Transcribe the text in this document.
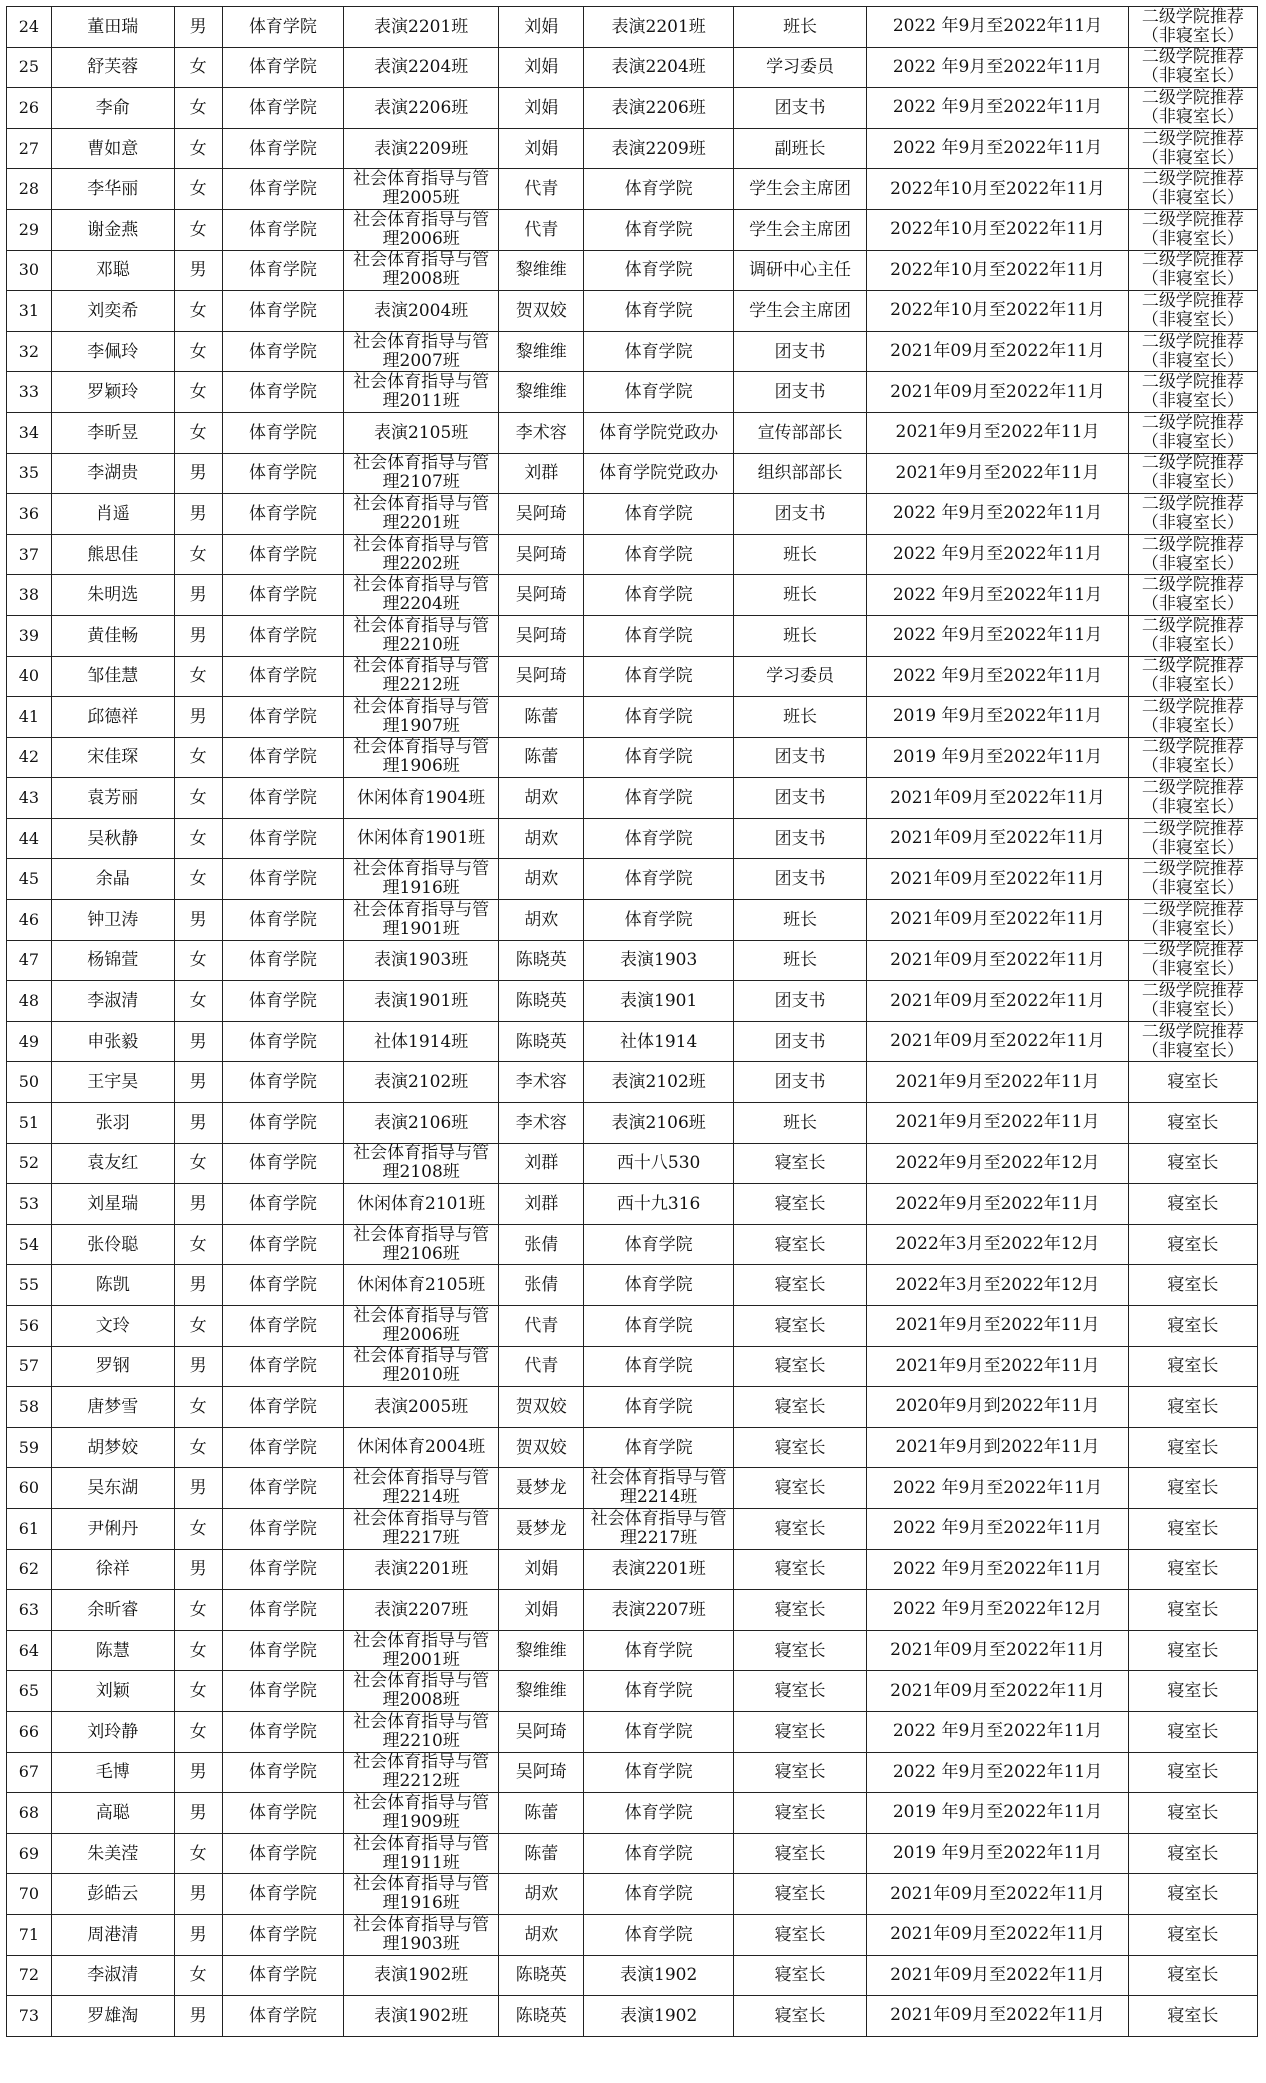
24	董田瑞	男	体育学院	表演2201班	刘娟	表演2201班	班长	2022 年9月至2022年11月	二级学院推荐（非寝室长）
25	舒芙蓉	女	体育学院	表演2204班	刘娟	表演2204班	学习委员	2022 年9月至2022年11月	二级学院推荐（非寝室长）
26	李俞	女	体育学院	表演2206班	刘娟	表演2206班	团支书	2022 年9月至2022年11月	二级学院推荐（非寝室长）
27	曹如意	女	体育学院	表演2209班	刘娟	表演2209班	副班长	2022 年9月至2022年11月	二级学院推荐（非寝室长）
28	李华丽	女	体育学院	社会体育指导与管理2005班	代青	体育学院	学生会主席团	2022年10月至2022年11月	二级学院推荐（非寝室长）
29	谢金燕	女	体育学院	社会体育指导与管理2006班	代青	体育学院	学生会主席团	2022年10月至2022年11月	二级学院推荐（非寝室长）
30	邓聪	男	体育学院	社会体育指导与管理2008班	黎维维	体育学院	调研中心主任	2022年10月至2022年11月	二级学院推荐（非寝室长）
31	刘奕希	女	体育学院	表演2004班	贺双姣	体育学院	学生会主席团	2022年10月至2022年11月	二级学院推荐（非寝室长）
32	李佩玲	女	体育学院	社会体育指导与管理2007班	黎维维	体育学院	团支书	2021年09月至2022年11月	二级学院推荐（非寝室长）
33	罗颖玲	女	体育学院	社会体育指导与管理2011班	黎维维	体育学院	团支书	2021年09月至2022年11月	二级学院推荐（非寝室长）
34	李昕昱	女	体育学院	表演2105班	李术容	体育学院党政办	宣传部部长	2021年9月至2022年11月	二级学院推荐（非寝室长）
35	李湖贵	男	体育学院	社会体育指导与管理2107班	刘群	体育学院党政办	组织部部长	2021年9月至2022年11月	二级学院推荐（非寝室长）
36	肖遥	男	体育学院	社会体育指导与管理2201班	吴阿琦	体育学院	团支书	2022 年9月至2022年11月	二级学院推荐（非寝室长）
37	熊思佳	女	体育学院	社会体育指导与管理2202班	吴阿琦	体育学院	班长	2022 年9月至2022年11月	二级学院推荐（非寝室长）
38	朱明选	男	体育学院	社会体育指导与管理2204班	吴阿琦	体育学院	班长	2022 年9月至2022年11月	二级学院推荐（非寝室长）
39	黄佳畅	男	体育学院	社会体育指导与管理2210班	吴阿琦	体育学院	班长	2022 年9月至2022年11月	二级学院推荐（非寝室长）
40	邹佳慧	女	体育学院	社会体育指导与管理2212班	吴阿琦	体育学院	学习委员	2022 年9月至2022年11月	二级学院推荐（非寝室长）
41	邱德祥	男	体育学院	社会体育指导与管理1907班	陈蕾	体育学院	班长	2019 年9月至2022年11月	二级学院推荐（非寝室长）
42	宋佳琛	女	体育学院	社会体育指导与管理1906班	陈蕾	体育学院	团支书	2019 年9月至2022年11月	二级学院推荐（非寝室长）
43	袁芳丽	女	体育学院	休闲体育1904班	胡欢	体育学院	团支书	2021年09月至2022年11月	二级学院推荐（非寝室长）
44	吴秋静	女	体育学院	休闲体育1901班	胡欢	体育学院	团支书	2021年09月至2022年11月	二级学院推荐（非寝室长）
45	余晶	女	体育学院	社会体育指导与管理1916班	胡欢	体育学院	团支书	2021年09月至2022年11月	二级学院推荐（非寝室长）
46	钟卫涛	男	体育学院	社会体育指导与管理1901班	胡欢	体育学院	班长	2021年09月至2022年11月	二级学院推荐（非寝室长）
47	杨锦萱	女	体育学院	表演1903班	陈晓英	表演1903	班长	2021年09月至2022年11月	二级学院推荐（非寝室长）
48	李淑清	女	体育学院	表演1901班	陈晓英	表演1901	团支书	2021年09月至2022年11月	二级学院推荐（非寝室长）
49	申张毅	男	体育学院	社体1914班	陈晓英	社体1914	团支书	2021年09月至2022年11月	二级学院推荐（非寝室长）
50	王宇昊	男	体育学院	表演2102班	李术容	表演2102班	团支书	2021年9月至2022年11月	寝室长
51	张羽	男	体育学院	表演2106班	李术容	表演2106班	班长	2021年9月至2022年11月	寝室长
52	袁友红	女	体育学院	社会体育指导与管理2108班	刘群	西十八530	寝室长	2022年9月至2022年12月	寝室长
53	刘星瑞	男	体育学院	休闲体育2101班	刘群	西十九316	寝室长	2022年9月至2022年11月	寝室长
54	张伶聪	女	体育学院	社会体育指导与管理2106班	张倩	体育学院	寝室长	2022年3月至2022年12月	寝室长
55	陈凯	男	体育学院	休闲体育2105班	张倩	体育学院	寝室长	2022年3月至2022年12月	寝室长
56	文玲	女	体育学院	社会体育指导与管理2006班	代青	体育学院	寝室长	2021年9月至2022年11月	寝室长
57	罗钢	男	体育学院	社会体育指导与管理2010班	代青	体育学院	寝室长	2021年9月至2022年11月	寝室长
58	唐梦雪	女	体育学院	表演2005班	贺双姣	体育学院	寝室长	2020年9月到2022年11月	寝室长
59	胡梦姣	女	体育学院	休闲体育2004班	贺双姣	体育学院	寝室长	2021年9月到2022年11月	寝室长
60	吴东湖	男	体育学院	社会体育指导与管理2214班	聂梦龙	社会体育指导与管理2214班	寝室长	2022 年9月至2022年11月	寝室长
61	尹俐丹	女	体育学院	社会体育指导与管理2217班	聂梦龙	社会体育指导与管理2217班	寝室长	2022 年9月至2022年11月	寝室长
62	徐祥	男	体育学院	表演2201班	刘娟	表演2201班	寝室长	2022 年9月至2022年11月	寝室长
63	余昕睿	女	体育学院	表演2207班	刘娟	表演2207班	寝室长	2022 年9月至2022年12月	寝室长
64	陈慧	女	体育学院	社会体育指导与管理2001班	黎维维	体育学院	寝室长	2021年09月至2022年11月	寝室长
65	刘颖	女	体育学院	社会体育指导与管理2008班	黎维维	体育学院	寝室长	2021年09月至2022年11月	寝室长
66	刘玲静	女	体育学院	社会体育指导与管理2210班	吴阿琦	体育学院	寝室长	2022 年9月至2022年11月	寝室长
67	毛博	男	体育学院	社会体育指导与管理2212班	吴阿琦	体育学院	寝室长	2022 年9月至2022年11月	寝室长
68	高聪	男	体育学院	社会体育指导与管理1909班	陈蕾	体育学院	寝室长	2019 年9月至2022年11月	寝室长
69	朱美滢	女	体育学院	社会体育指导与管理1911班	陈蕾	体育学院	寝室长	2019 年9月至2022年11月	寝室长
70	彭皓云	男	体育学院	社会体育指导与管理1916班	胡欢	体育学院	寝室长	2021年09月至2022年11月	寝室长
71	周港清	男	体育学院	社会体育指导与管理1903班	胡欢	体育学院	寝室长	2021年09月至2022年11月	寝室长
72	李淑清	女	体育学院	表演1902班	陈晓英	表演1902	寝室长	2021年09月至2022年11月	寝室长
73	罗雄淘	男	体育学院	表演1902班	陈晓英	表演1902	寝室长	2021年09月至2022年11月	寝室长
